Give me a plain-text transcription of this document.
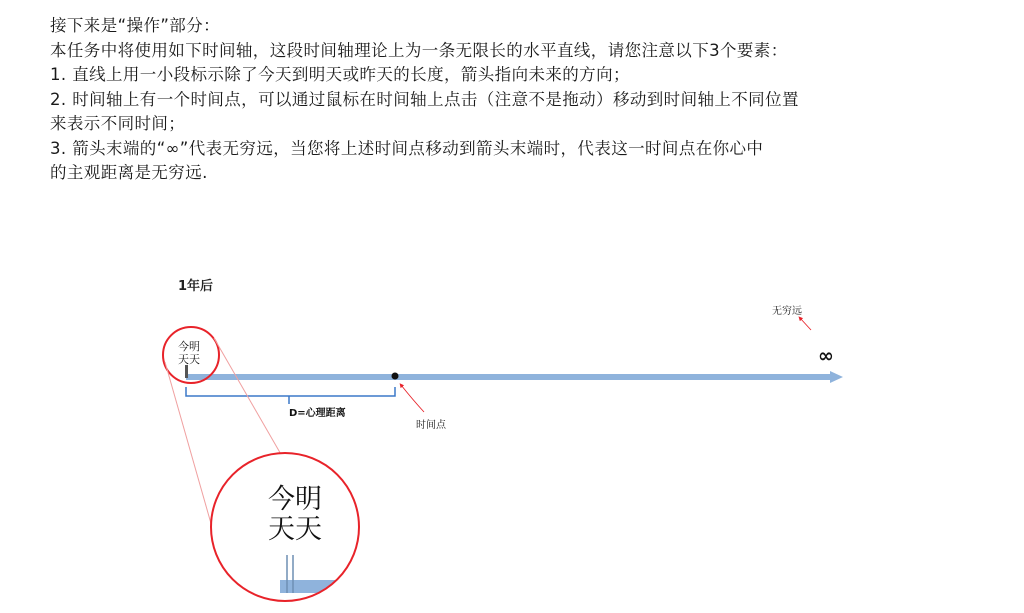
接下来是“操作”部分：

本任务中将使用如下时间轴，这段时间轴理论上为一条无限长的水平直线，请您注意以下3个要素：

1. 直线上用一小段标示除了今天到明天或昨天的长度，箭头指向未来的方向；

2. 时间轴上有一个时间点，可以通过鼠标在时间轴上点击（注意不是拖动）移动到时间轴上不同位置

来表示不同时间；

3. 箭头末端的“∞”代表无穷远，当您将上述时间点移动到箭头末端时，代表这一时间点在你心中

的主观距离是无穷远.

1年后
无穷远
∞
今明
天天
D=心理距离
时间点
今明
天天
